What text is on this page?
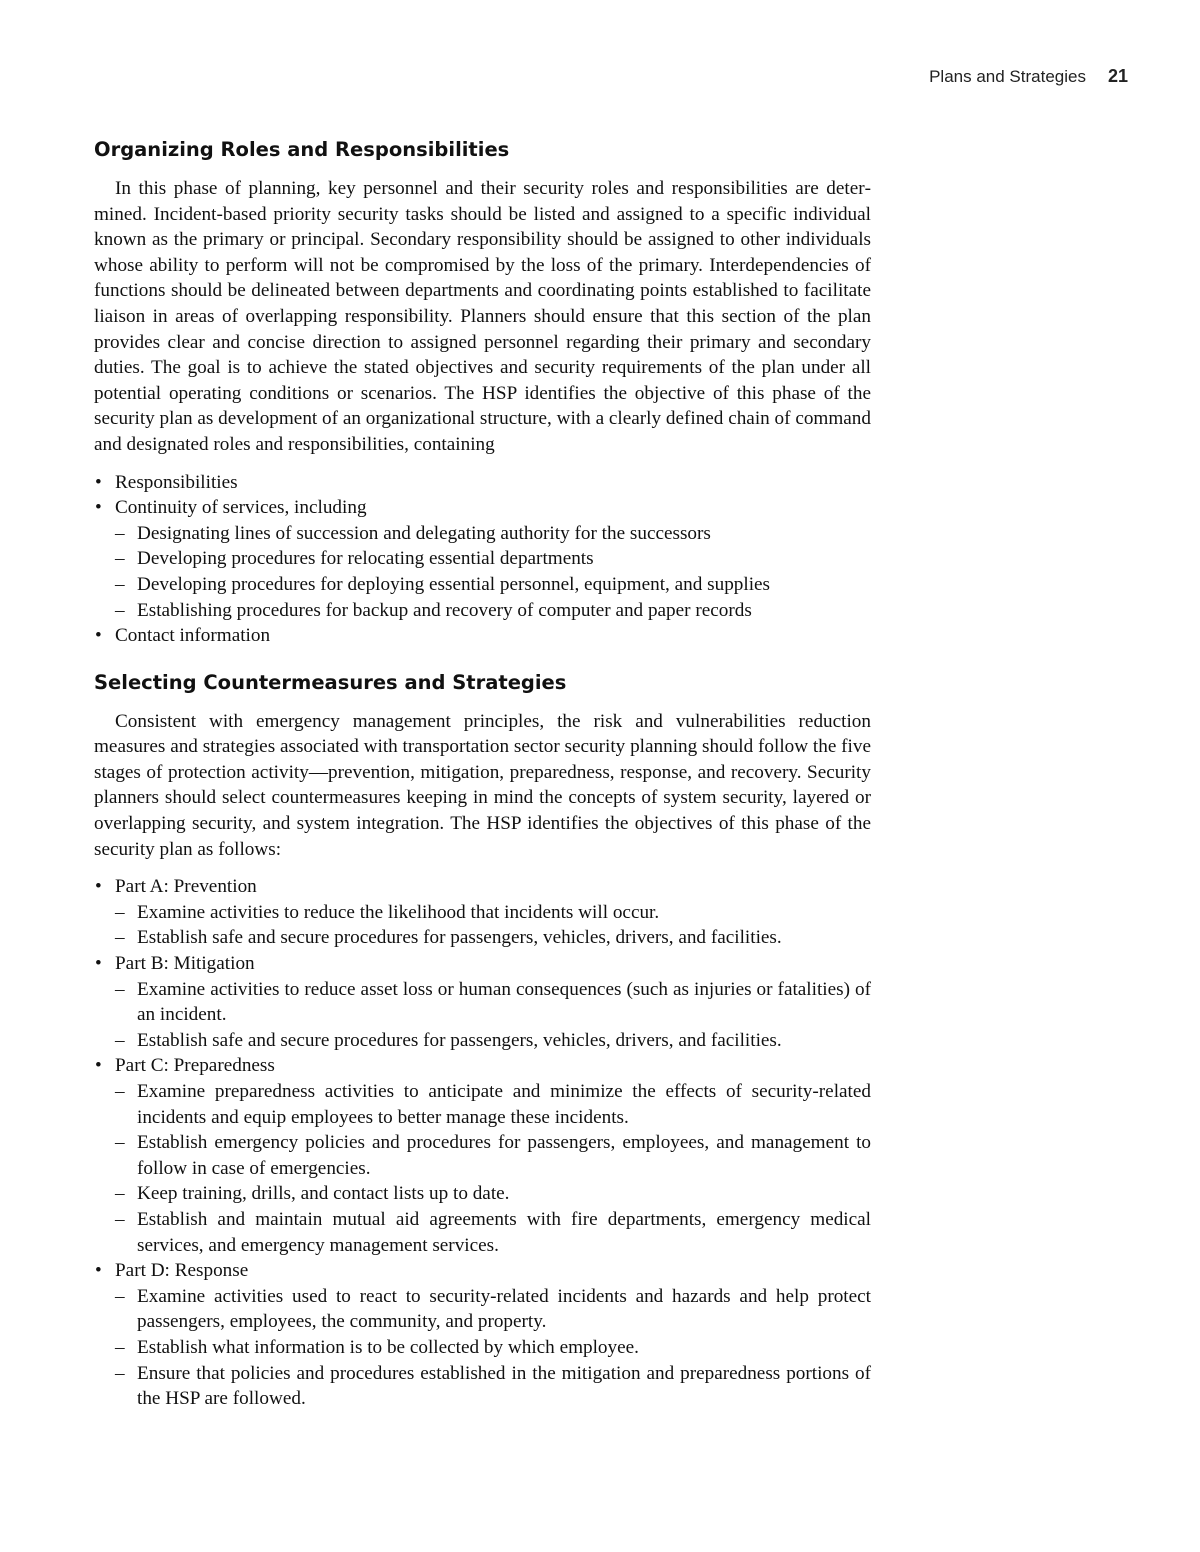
Plans and Strategies 21
Organizing Roles and Responsibilities

In this phase of planning, key personnel and their security roles and responsibilities are determined. Incident-based priority security tasks should be listed and assigned to a specific individual known as the primary or principal. Secondary responsibility should be assigned to other individuals whose ability to perform will not be compromised by the loss of the primary. Interdependencies of functions should be delineated between departments and coordinating points established to facilitate liaison in areas of overlapping responsibility. Planners should ensure that this section of the plan provides clear and concise direction to assigned personnel regarding their primary and secondary duties. The goal is to achieve the stated objectives and security requirements of the plan under all potential operating conditions or scenarios. The HSP identifies the objective of this phase of the security plan as development of an organizational structure, with a clearly defined chain of command and designated roles and responsibilities, containing

• Responsibilities
• Continuity of services, including
– Designating lines of succession and delegating authority for the successors
– Developing procedures for relocating essential departments
– Developing procedures for deploying essential personnel, equipment, and supplies
– Establishing procedures for backup and recovery of computer and paper records
• Contact information
Selecting Countermeasures and Strategies

Consistent with emergency management principles, the risk and vulnerabilities reduction measures and strategies associated with transportation sector security planning should follow the five stages of protection activity—prevention, mitigation, preparedness, response, and recovery. Security planners should select countermeasures keeping in mind the concepts of system security, layered or overlapping security, and system integration. The HSP identifies the objectives of this phase of the security plan as follows:

• Part A: Prevention
– Examine activities to reduce the likelihood that incidents will occur.
– Establish safe and secure procedures for passengers, vehicles, drivers, and facilities.
• Part B: Mitigation
– Examine activities to reduce asset loss or human consequences (such as injuries or fatalities) of an incident.
– Establish safe and secure procedures for passengers, vehicles, drivers, and facilities.
• Part C: Preparedness
– Examine preparedness activities to anticipate and minimize the effects of security-related incidents and equip employees to better manage these incidents.
– Establish emergency policies and procedures for passengers, employees, and management to follow in case of emergencies.
– Keep training, drills, and contact lists up to date.
– Establish and maintain mutual aid agreements with fire departments, emergency medical services, and emergency management services.
• Part D: Response
– Examine activities used to react to security-related incidents and hazards and help protect passengers, employees, the community, and property.
– Establish what information is to be collected by which employee.
– Ensure that policies and procedures established in the mitigation and preparedness portions of the HSP are followed.
